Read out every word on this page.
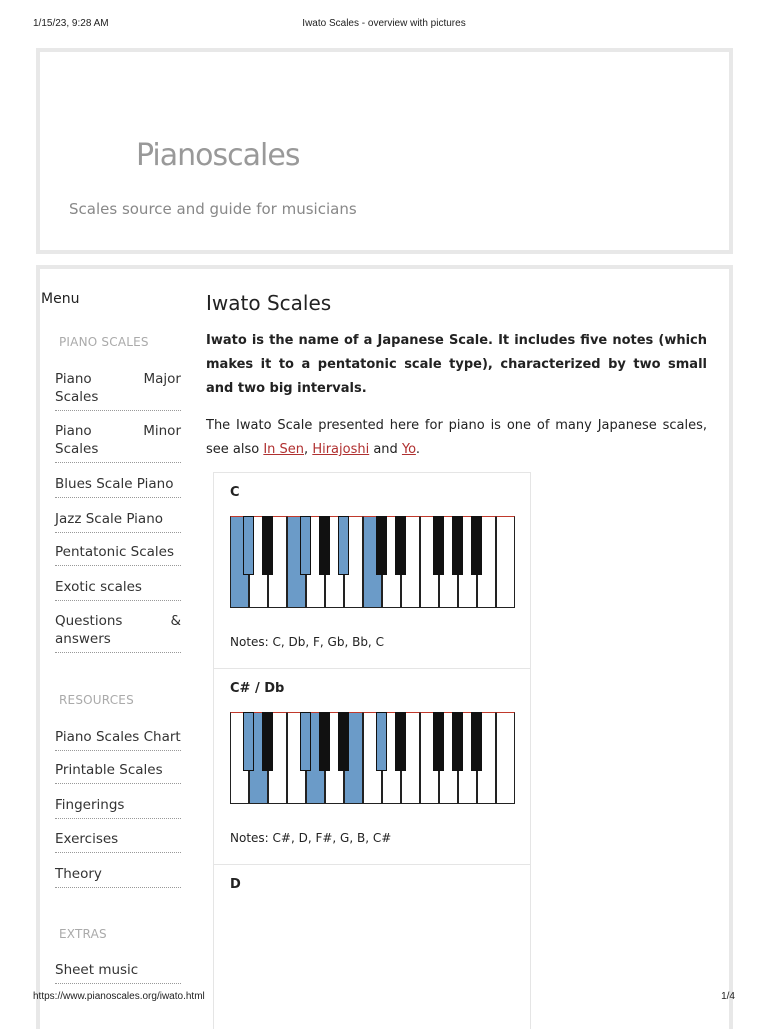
1/15/23, 9:28 AM	Iwato Scales - overview with pictures
Pianoscales
Scales source and guide for musicians
Menu
PIANO SCALES
Piano Major Scales
Piano Minor Scales
Blues Scale Piano
Jazz Scale Piano
Pentatonic Scales
Exotic scales
Questions & answers
RESOURCES
Piano Scales Chart
Printable Scales
Fingerings
Exercises
Theory
EXTRAS
Sheet music
Iwato Scales
Iwato is the name of a Japanese Scale. It includes five notes (which makes it to a pentatonic scale type), characterized by two small and two big intervals.
The Iwato Scale presented here for piano is one of many Japanese scales, see also In Sen, Hirajoshi and Yo.
C
Notes: C, Db, F, Gb, Bb, C
C# / Db
Notes: C#, D, F#, G, B, C#
D
https://www.pianoscales.org/iwato.html	1/4
